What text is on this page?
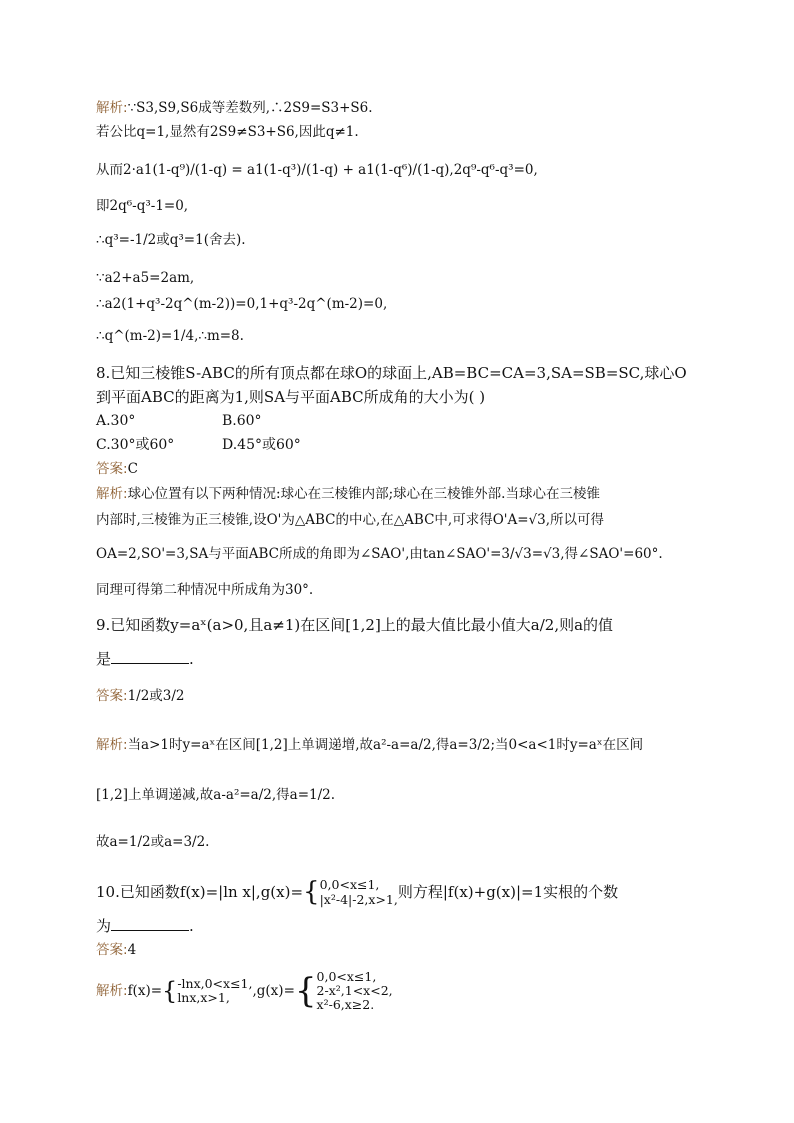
解析:∵S3,S9,S6成等差数列,∴2S9=S3+S6.
若公比q=1,显然有2S9≠S3+S6,因此q≠1.
从而2·a1(1-q⁹)/(1-q) = a1(1-q³)/(1-q) + a1(1-q⁶)/(1-q),2q⁹-q⁶-q³=0,
即2q⁶-q³-1=0,
∴q³=-1/2或q³=1(舍去).
∵a2+a5=2am,
∴a2(1+q³-2q^(m-2))=0,1+q³-2q^(m-2)=0,
∴q^(m-2)=1/4,∴m=8.
8.已知三棱锥S-ABC的所有顶点都在球O的球面上,AB=BC=CA=3,SA=SB=SC,球心O
到平面ABC的距离为1,则SA与平面ABC所成角的大小为( )
A.30°	B.60°
C.30°或60°	D.45°或60°
答案:C
解析:球心位置有以下两种情况:球心在三棱锥内部;球心在三棱锥外部.当球心在三棱锥
内部时,三棱锥为正三棱锥,设O'为△ABC的中心,在△ABC中,可求得O'A=√3,所以可得
OA=2,SO'=3,SA与平面ABC所成的角即为∠SAO',由tan∠SAO'=3/√3=√3,得∠SAO'=60°.
同理可得第二种情况中所成角为30°.
9.已知函数y=aˣ(a>0,且a≠1)在区间[1,2]上的最大值比最小值大a/2,则a的值
是	.
答案:1/2或3/2
解析:当a>1时y=aˣ在区间[1,2]上单调递增,故a²-a=a/2,得a=3/2;当0<a<1时y=aˣ在区间
[1,2]上单调递减,故a-a²=a/2,得a=1/2.
故a=1/2或a=3/2.
10.已知函数f(x)=|ln x|,g(x)={ 0,0<x≤1,
|x²-4|-2,x>1, 则方程|f(x)+g(x)|=1实根的个数
为	.
答案:4
解析:f(x)={ -lnx,0<x≤1,
lnx,x>1,	,g(x)={ 0,0<x≤1,
2-x²,1<x<2,
x²-6,x≥2.
